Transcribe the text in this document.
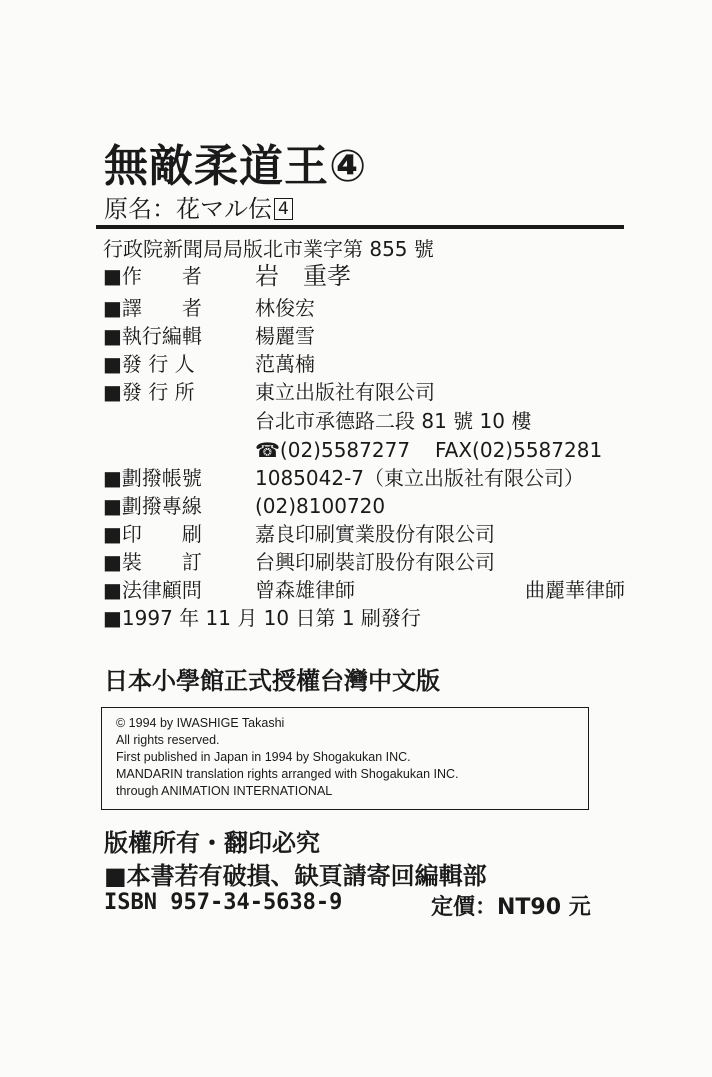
無敵柔道王④
原名：花マル伝 4
行政院新聞局局版北市業字第 855 號
■作　　者	岩　重孝
■譯　　者	林俊宏
■執行編輯	楊麗雪
■發 行 人	范萬楠
■發 行 所	東立出版社有限公司
台北市承德路二段 81 號 10 樓
☎(02)5587277 FAX(02)5587281
■劃撥帳號	1085042-7（東立出版社有限公司）
■劃撥專線	(02)8100720
■印　　刷	嘉良印刷實業股份有限公司
■裝　　訂	台興印刷裝訂股份有限公司
■法律顧問	曾森雄律師	曲麗華律師
■1997 年 11 月 10 日第 1 刷發行
日本小學館正式授權台灣中文版
© 1994 by IWASHIGE Takashi
All rights reserved.
First published in Japan in 1994 by Shogakukan INC.
MANDARIN translation rights arranged with Shogakukan INC.
through ANIMATION INTERNATIONAL
版權所有・翻印必究
■本書若有破損、缺頁請寄回編輯部
ISBN 957-34-5638-9	定價：NT90 元
